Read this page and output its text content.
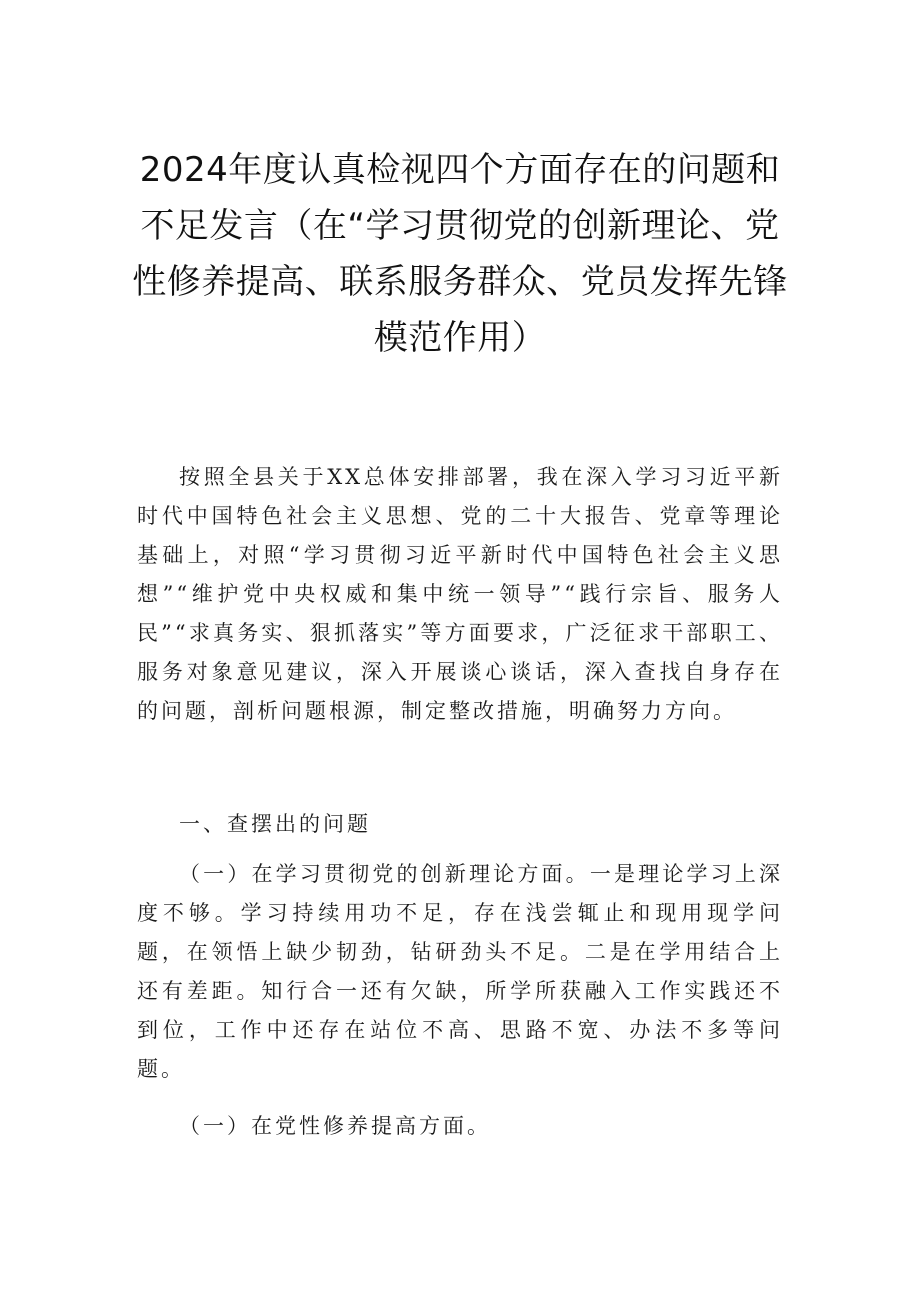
2024年度认真检视四个方面存在的问题和不足发言（在“学习贯彻党的创新理论、党性修养提高、联系服务群众、党员发挥先锋模范作用）

按照全县关于XX总体安排部署，我在深入学习习近平新时代中国特色社会主义思想、党的二十大报告、党章等理论基础上，对照“学习贯彻习近平新时代中国特色社会主义思想”“维护党中央权威和集中统一领导”“践行宗旨、服务人民”“求真务实、狠抓落实”等方面要求，广泛征求干部职工、服务对象意见建议，深入开展谈心谈话，深入查找自身存在的问题，剖析问题根源，制定整改措施，明确努力方向。

一、查摆出的问题

（一）在学习贯彻党的创新理论方面。一是理论学习上深度不够。学习持续用功不足，存在浅尝辄止和现用现学问题，在领悟上缺少韧劲，钻研劲头不足。二是在学用结合上还有差距。知行合一还有欠缺，所学所获融入工作实践还不到位，工作中还存在站位不高、思路不宽、办法不多等问题。

（一）在党性修养提高方面。
